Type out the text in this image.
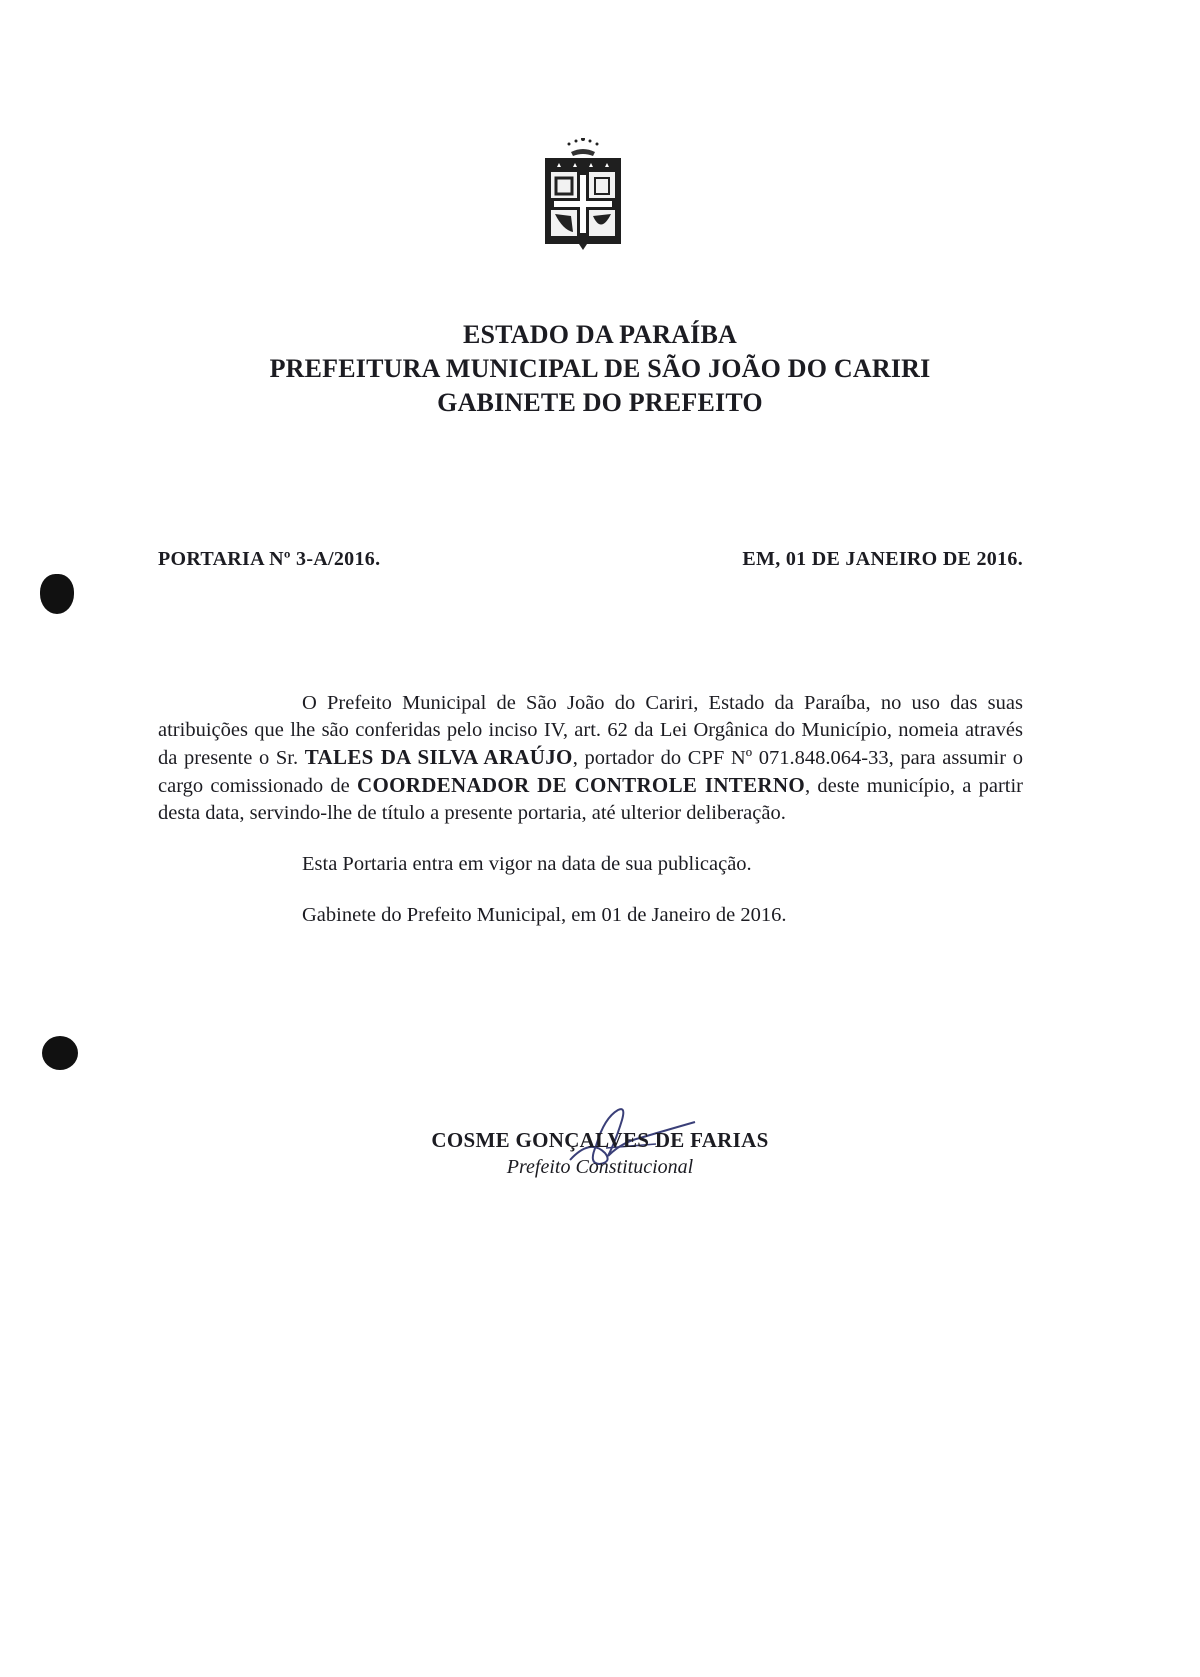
ESTADO DA PARAÍBA
PREFEITURA MUNICIPAL DE SÃO JOÃO DO CARIRI
GABINETE DO PREFEITO
PORTARIA Nº 3-A/2016.	EM, 01 DE JANEIRO DE 2016.

O Prefeito Municipal de São João do Cariri, Estado da Paraíba, no uso das suas atribuições que lhe são conferidas pelo inciso IV, art. 62 da Lei Orgânica do Município, nomeia através da presente o Sr. TALES DA SILVA ARAÚJO, portador do CPF Nº 071.848.064-33, para assumir o cargo comissionado de COORDENADOR DE CONTROLE INTERNO, deste município, a partir desta data, servindo-lhe de título a presente portaria, até ulterior deliberação.

Esta Portaria entra em vigor na data de sua publicação.

Gabinete do Prefeito Municipal, em 01 de Janeiro de 2016.

COSME GONÇALVES DE FARIAS
Prefeito Constitucional
